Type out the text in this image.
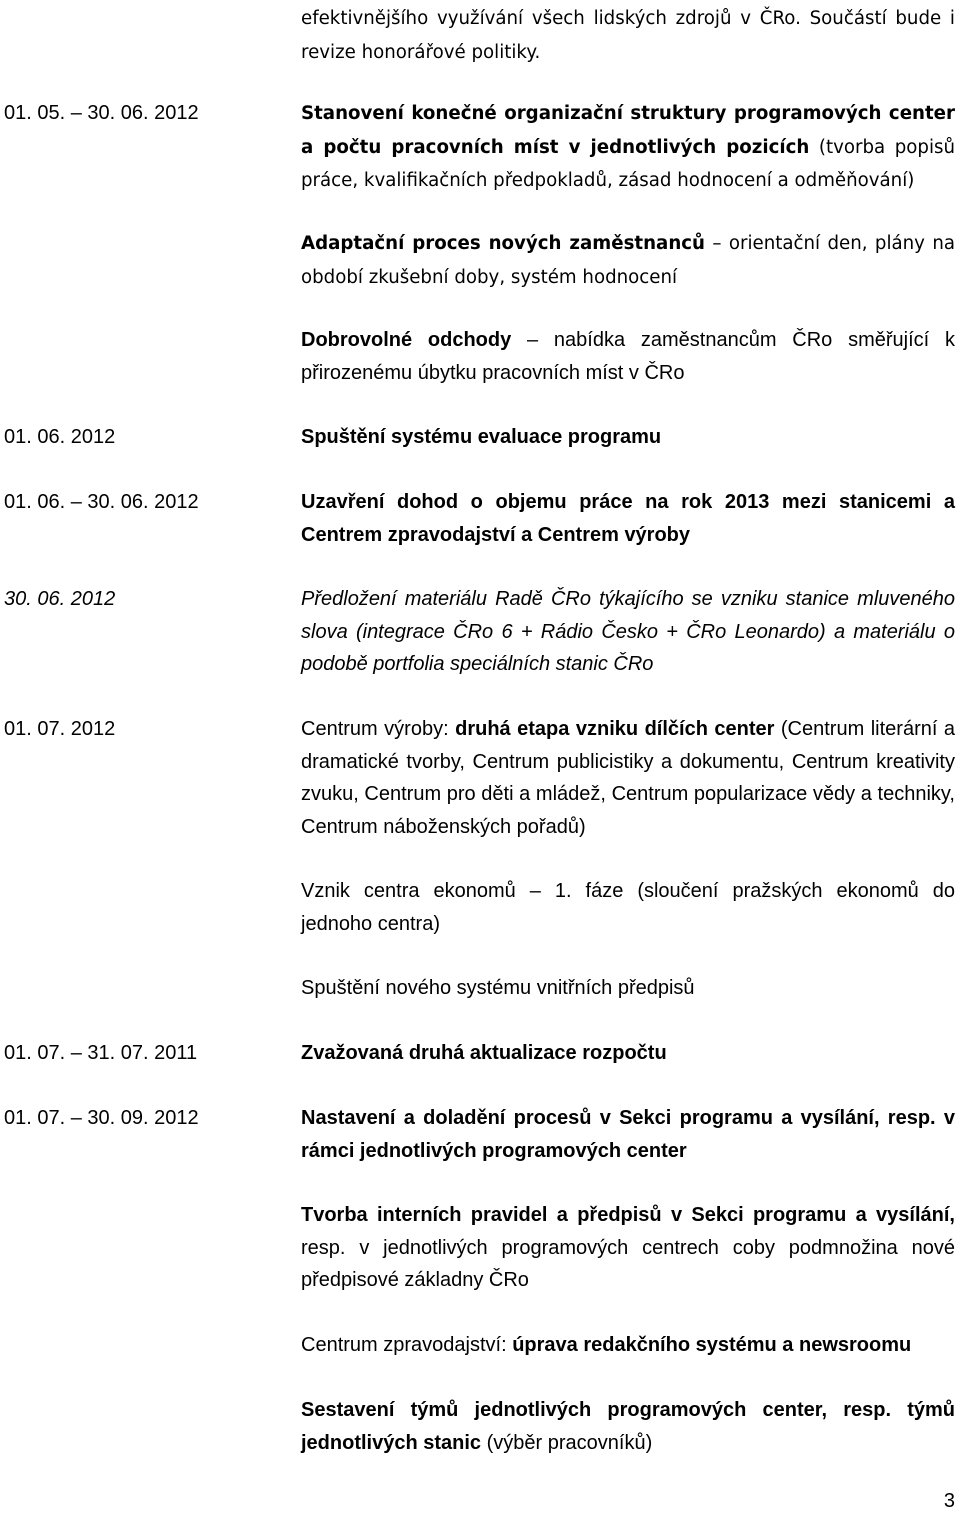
efektivnějšího využívání všech lidských zdrojů v ČRo. Součástí bude i revize honorářové politiky.
01. 05. – 30. 06. 2012	Stanovení konečné organizační struktury programových center a počtu pracovních míst v jednotlivých pozicích (tvorba popisů práce, kvalifikačních předpokladů, zásad hodnocení a odměňování)
Adaptační proces nových zaměstnanců – orientační den, plány na období zkušební doby, systém hodnocení
Dobrovolné odchody – nabídka zaměstnancům ČRo směřující k přirozenému úbytku pracovních míst v ČRo
01. 06. 2012	Spuštění systému evaluace programu
01. 06. – 30. 06. 2012	Uzavření dohod o objemu práce na rok 2013 mezi stanicemi a Centrem zpravodajství a Centrem výroby
30. 06. 2012	Předložení materiálu Radě ČRo týkajícího se vzniku stanice mluveného slova (integrace ČRo 6 + Rádio Česko + ČRo Leonardo) a materiálu o podobě portfolia speciálních stanic ČRo
01. 07. 2012	Centrum výroby: druhá etapa vzniku dílčích center (Centrum literární a dramatické tvorby, Centrum publicistiky a dokumentu, Centrum kreativity zvuku, Centrum pro děti a mládež, Centrum popularizace vědy a techniky, Centrum náboženských pořadů)
Vznik centra ekonomů – 1. fáze (sloučení pražských ekonomů do jednoho centra)
Spuštění nového systému vnitřních předpisů
01. 07. – 31. 07. 2011	Zvažovaná druhá aktualizace rozpočtu
01. 07. – 30. 09. 2012	Nastavení a doladění procesů v Sekci programu a vysílání, resp. v rámci jednotlivých programových center
Tvorba interních pravidel a předpisů v Sekci programu a vysílání, resp. v jednotlivých programových centrech coby podmnožina nové předpisové základny ČRo
Centrum zpravodajství: úprava redakčního systému a newsroomu
Sestavení týmů jednotlivých programových center, resp. týmů jednotlivých stanic (výběr pracovníků)
3
